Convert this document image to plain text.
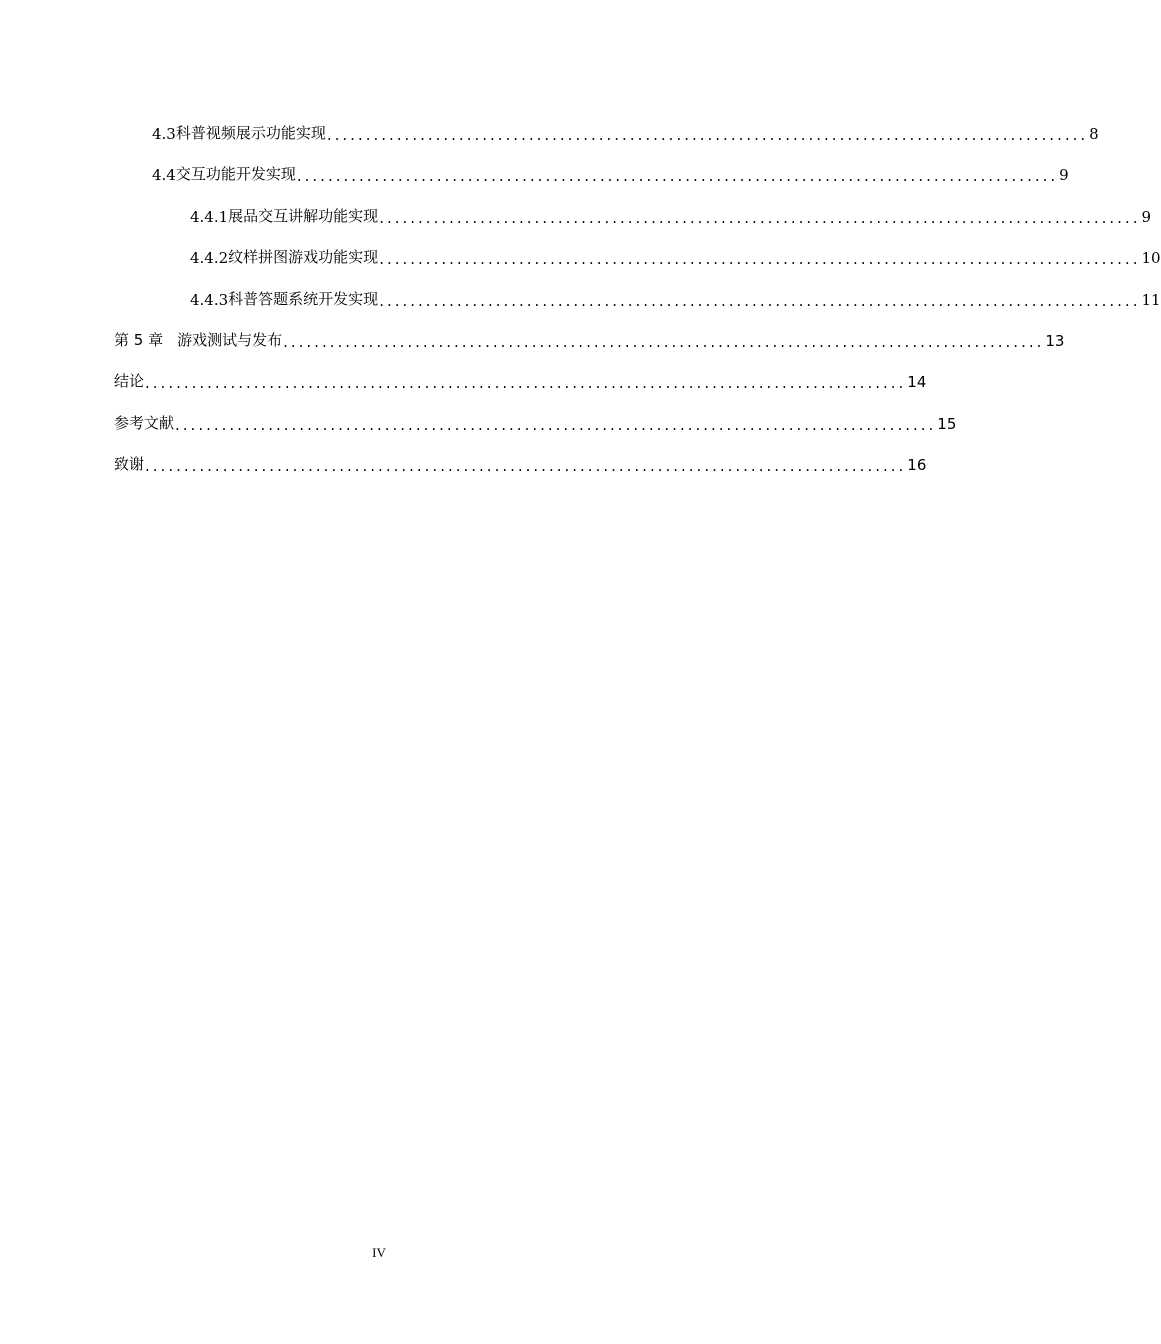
4.3 科普视频展示功能实现 .................................................................................................. 8
4.4 交互功能开发实现 .................................................................................................. 9
4.4.1 展品交互讲解功能实现 .................................................................................................. 9
4.4.2 纹样拼图游戏功能实现 .................................................................................................. 10
4.4.3 科普答题系统开发实现 .................................................................................................. 11
第 5 章 游戏测试与发布 .................................................................................................. 13
结论 .................................................................................................. 14
参考文献 .................................................................................................. 15
致谢 .................................................................................................. 16
IV
